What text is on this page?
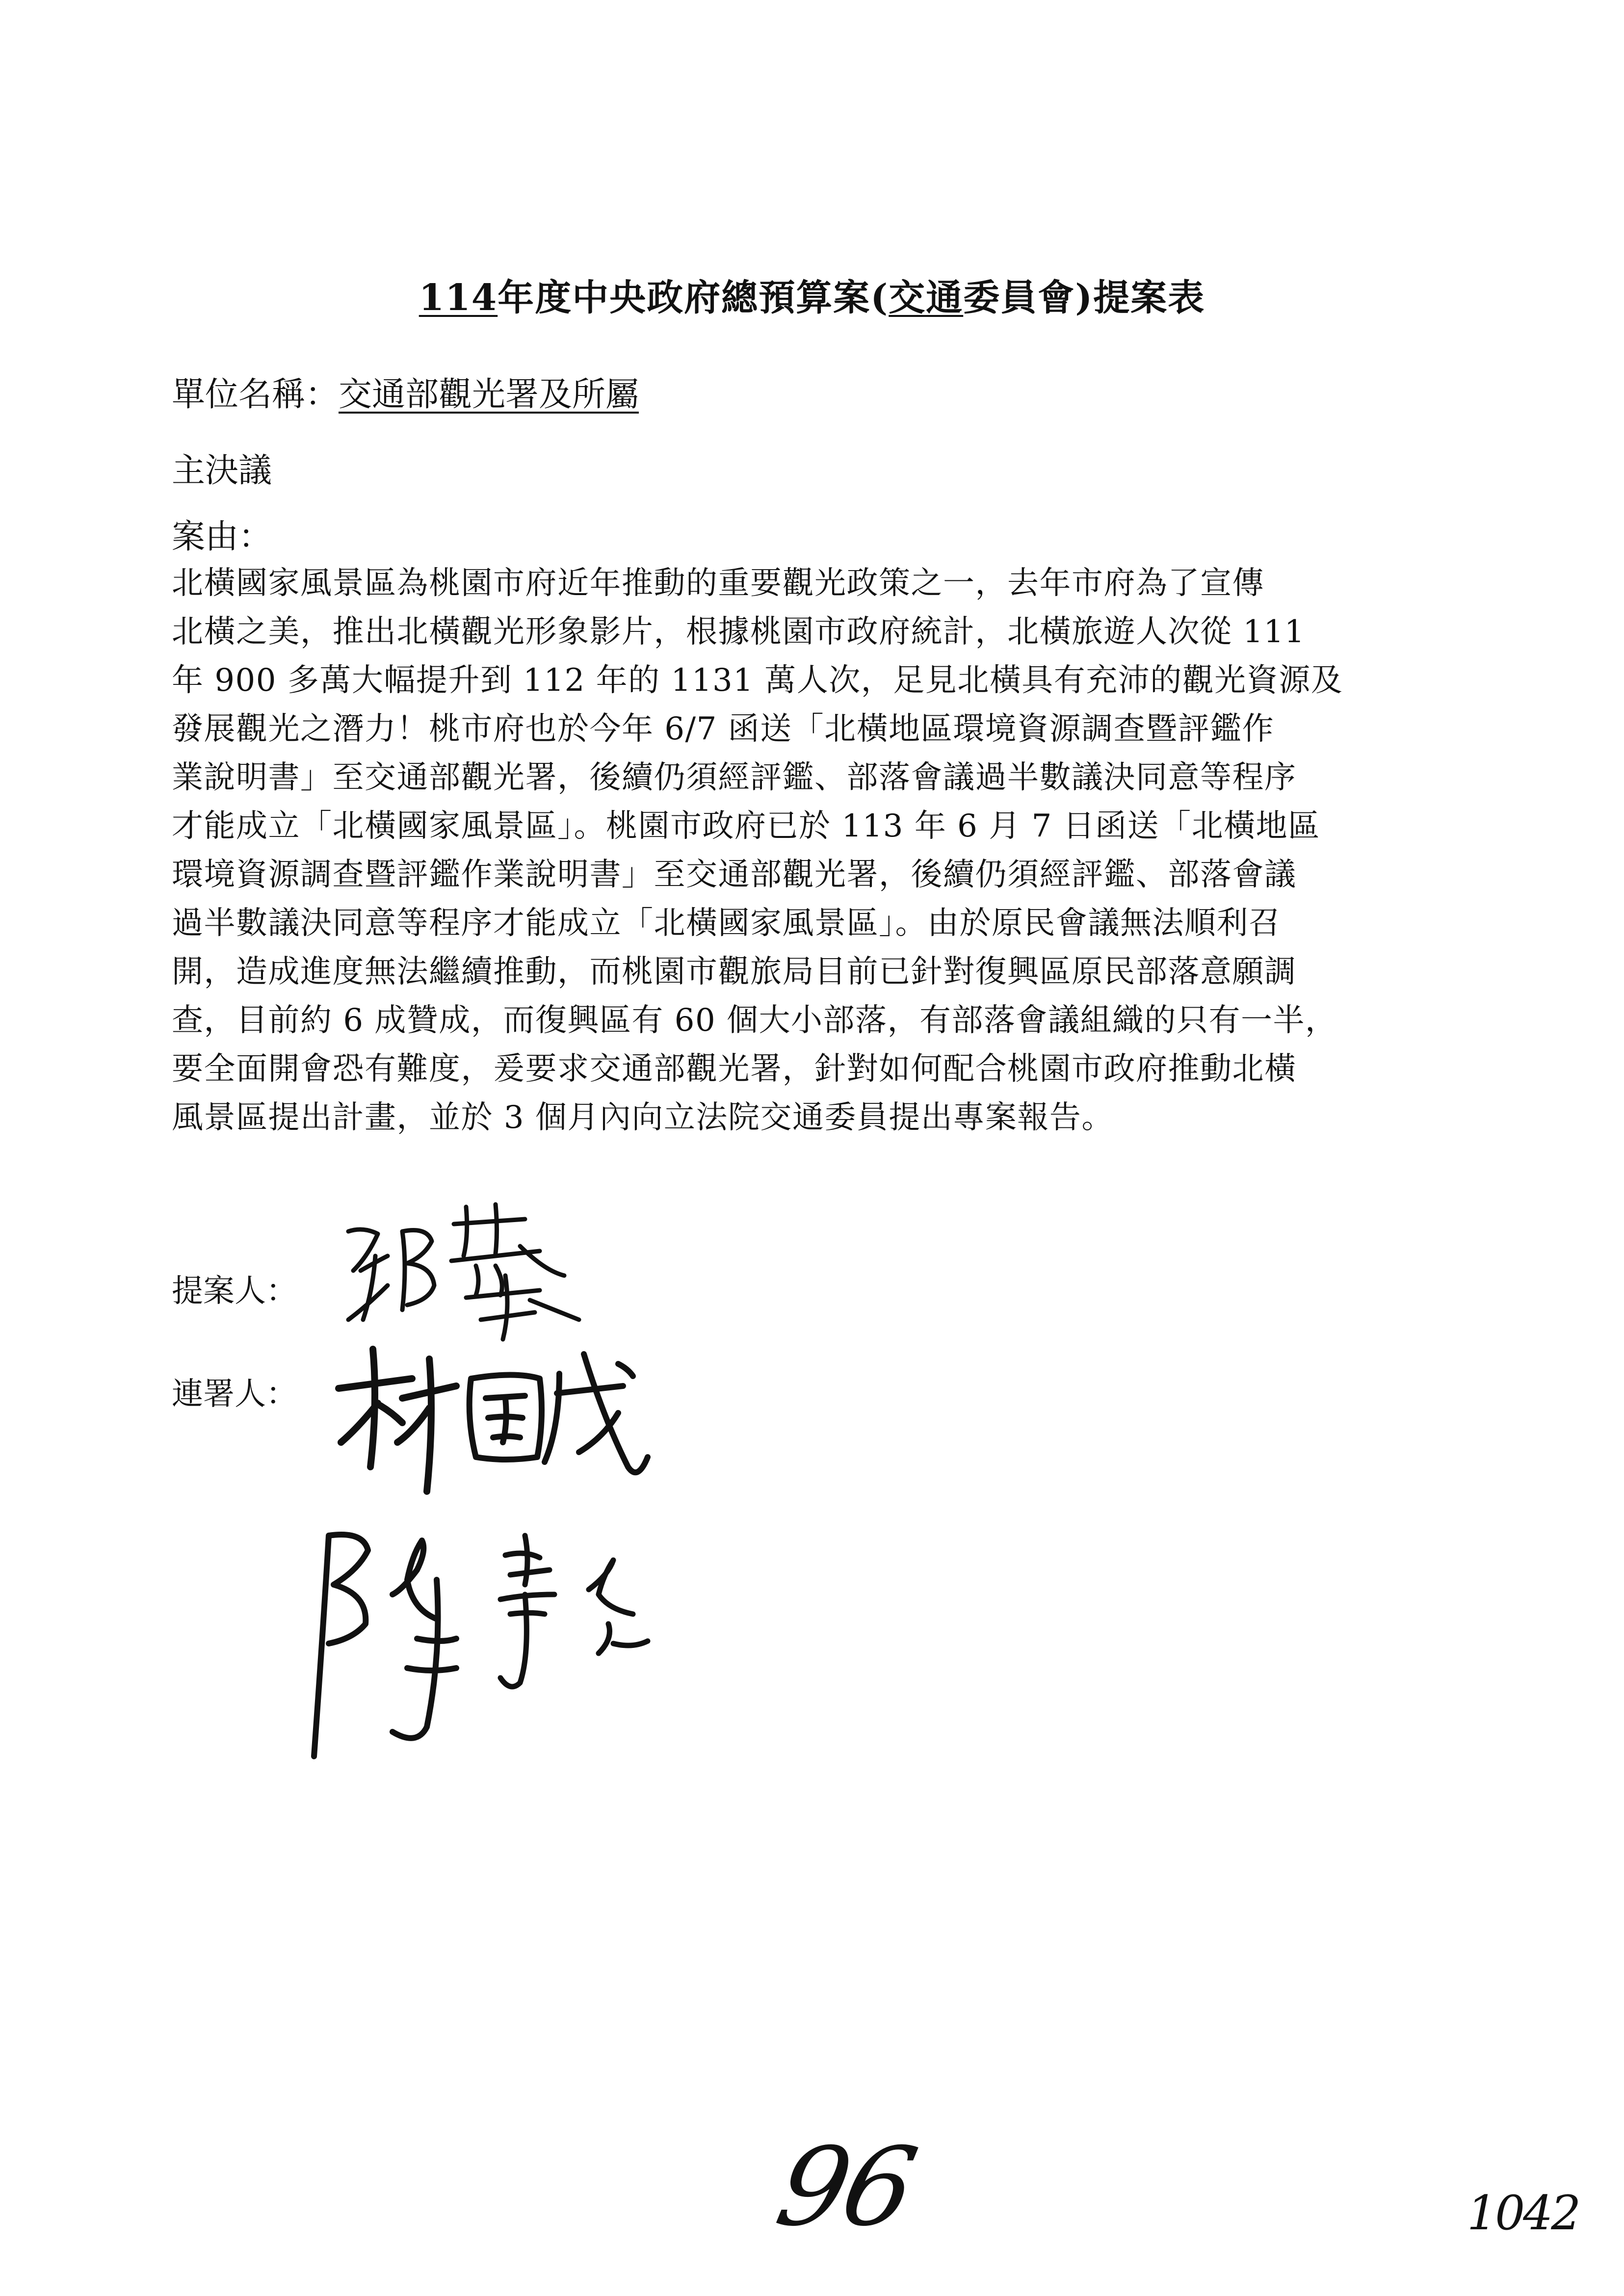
114年度中央政府總預算案(交通委員會)提案表
單位名稱：交通部觀光署及所屬
主決議
案由：
北橫國家風景區為桃園市府近年推動的重要觀光政策之一，去年市府為了宣傳
北橫之美，推出北橫觀光形象影片，根據桃園市政府統計，北橫旅遊人次從 111
年 900 多萬大幅提升到 112 年的 1131 萬人次，足見北橫具有充沛的觀光資源及
發展觀光之潛力！桃市府也於今年 6/7 函送「北橫地區環境資源調查暨評鑑作
業說明書」至交通部觀光署，後續仍須經評鑑、部落會議過半數議決同意等程序
才能成立「北橫國家風景區」。桃園市政府已於 113 年 6 月 7 日函送「北橫地區
環境資源調查暨評鑑作業說明書」至交通部觀光署，後續仍須經評鑑、部落會議
過半數議決同意等程序才能成立「北橫國家風景區」。由於原民會議無法順利召
開，造成進度無法繼續推動，而桃園市觀旅局目前已針對復興區原民部落意願調
查，目前約 6 成贊成，而復興區有 60 個大小部落，有部落會議組織的只有一半，
要全面開會恐有難度，爰要求交通部觀光署，針對如何配合桃園市政府推動北橫
風景區提出計畫，並於 3 個月內向立法院交通委員提出專案報告。
提案人：
連署人：
96	1042
